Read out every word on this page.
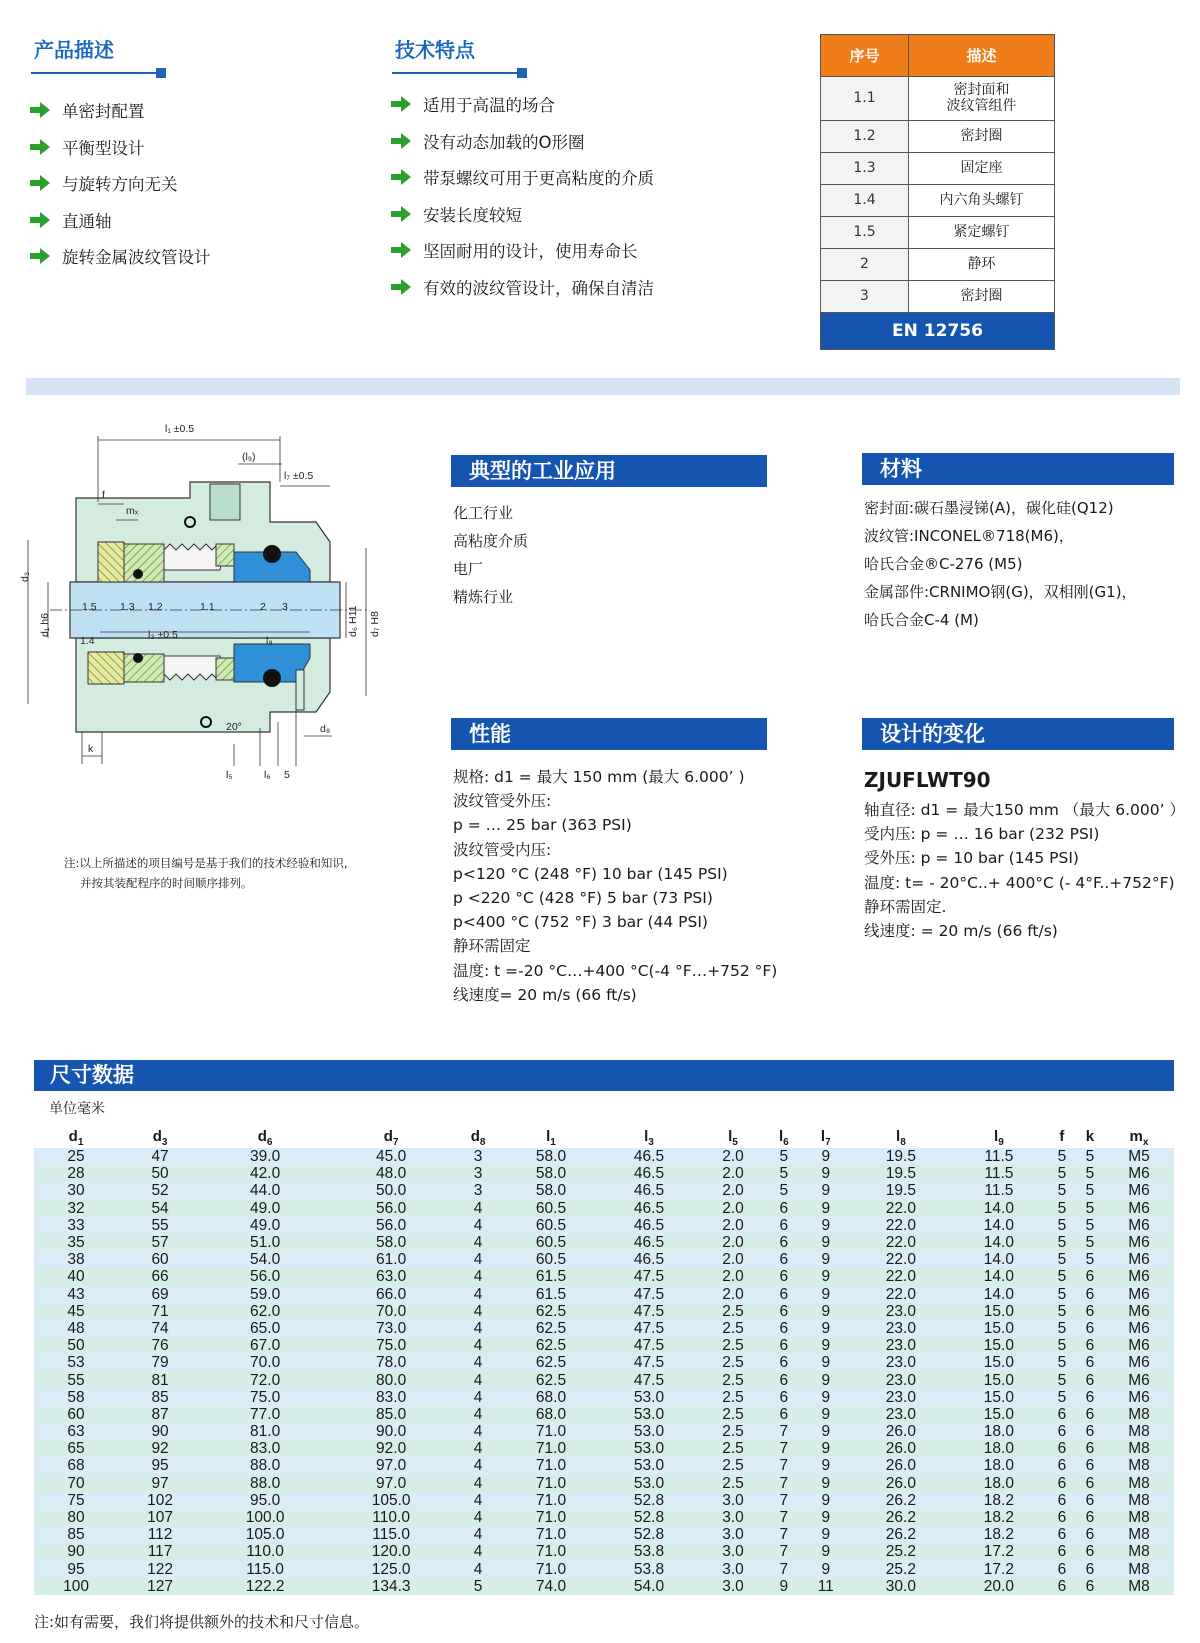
产品描述
单密封配置
平衡型设计
与旋转方向无关
直通轴
旋转金属波纹管设计
技术特点
适用于高温的场合
没有动态加载的O形圈
带泵螺纹可用于更高粘度的介质
安装长度较短
坚固耐用的设计，使用寿命长
有效的波纹管设计，确保自清洁
序号	描述
1.1	密封面和
波纹管组件
1.2	密封圈
1.3	固定座
1.4	内六角头螺钉
1.5	紧定螺钉
2	静环
3	密封圈
EN 12756	
l₁ ±0.5
(l₉)
l₇ ±0.5
f
mₓ
1.5 1.3 1.2	1.1	2 3
1.4	l₃ ±0.5	l₈
d₃
d₁ h6	d₆ H11 d₇ H8
20°
k
d₈
l₅	l₆ 5
注:以上所描述的项目编号是基于我们的技术经验和知识,
并按其装配程序的时间顺序排列。
典型的工业应用
化工行业
高粘度介质
电厂
精炼行业
材料
密封面:碳石墨浸锑(A)，碳化硅(Q12)
波纹管:INCONEL®718(M6)，
哈氏合金®C-276 (M5)
金属部件:CRNIMO钢(G)，双相刚(G1)，
哈氏合金C-4 (M)
性能
规格: d1 = 最大 150 mm (最大 6.000’ )
波纹管受外压:
p = … 25 bar (363 PSI)
波纹管受内压:
p<120 °C (248 °F) 10 bar (145 PSI)
p <220 °C (428 °F) 5 bar (73 PSI)
p<400 °C (752 °F) 3 bar (44 PSI)
静环需固定
温度: t =-20 °C…+400 °C(-4 °F…+752 °F)
线速度= 20 m/s (66 ft/s)
设计的变化
ZJUFLWT90
轴直径: d1 = 最大150 mm （最大 6.000’ ）
受内压: p = … 16 bar (232 PSI)
受外压: p = 10 bar (145 PSI)
温度: t= - 20°C..+ 400°C (- 4°F..+752°F)
静环需固定.
线速度: = 20 m/s (66 ft/s)
尺寸数据
单位毫米
$d_1$	$d_3$	$d_6$	$d_7$	$d_8$	$l_1$	$l_3$	$l_5$	$l_6$	$l_7$	$l_8$	$l_9$	f	k	$m_x$
25	47	39.0	45.0	3	58.0	46.5	2.0	5	9	19.5	11.5	5	5	M5
28	50	42.0	48.0	3	58.0	46.5	2.0	5	9	19.5	11.5	5	5	M6
30	52	44.0	50.0	3	58.0	46.5	2.0	5	9	19.5	11.5	5	5	M6
32	54	49.0	56.0	4	60.5	46.5	2.0	6	9	22.0	14.0	5	5	M6
33	55	49.0	56.0	4	60.5	46.5	2.0	6	9	22.0	14.0	5	5	M6
35	57	51.0	58.0	4	60.5	46.5	2.0	6	9	22.0	14.0	5	5	M6
38	60	54.0	61.0	4	60.5	46.5	2.0	6	9	22.0	14.0	5	5	M6
40	66	56.0	63.0	4	61.5	47.5	2.0	6	9	22.0	14.0	5	6	M6
43	69	59.0	66.0	4	61.5	47.5	2.0	6	9	22.0	14.0	5	6	M6
45	71	62.0	70.0	4	62.5	47.5	2.5	6	9	23.0	15.0	5	6	M6
48	74	65.0	73.0	4	62.5	47.5	2.5	6	9	23.0	15.0	5	6	M6
50	76	67.0	75.0	4	62.5	47.5	2.5	6	9	23.0	15.0	5	6	M6
53	79	70.0	78.0	4	62.5	47.5	2.5	6	9	23.0	15.0	5	6	M6
55	81	72.0	80.0	4	62.5	47.5	2.5	6	9	23.0	15.0	5	6	M6
58	85	75.0	83.0	4	68.0	53.0	2.5	6	9	23.0	15.0	5	6	M6
60	87	77.0	85.0	4	68.0	53.0	2.5	6	9	23.0	15.0	6	6	M8
63	90	81.0	90.0	4	71.0	53.0	2.5	7	9	26.0	18.0	6	6	M8
65	92	83.0	92.0	4	71.0	53.0	2.5	7	9	26.0	18.0	6	6	M8
68	95	88.0	97.0	4	71.0	53.0	2.5	7	9	26.0	18.0	6	6	M8
70	97	88.0	97.0	4	71.0	53.0	2.5	7	9	26.0	18.0	6	6	M8
75	102	95.0	105.0	4	71.0	52.8	3.0	7	9	26.2	18.2	6	6	M8
80	107	100.0	110.0	4	71.0	52.8	3.0	7	9	26.2	18.2	6	6	M8
85	112	105.0	115.0	4	71.0	52.8	3.0	7	9	26.2	18.2	6	6	M8
90	117	110.0	120.0	4	71.0	53.8	3.0	7	9	25.2	17.2	6	6	M8
95	122	115.0	125.0	4	71.0	53.8	3.0	7	9	25.2	17.2	6	6	M8
100	127	122.2	134.3	5	74.0	54.0	3.0	9	11	30.0	20.0	6	6	M8
注:如有需要，我们将提供额外的技术和尺寸信息。
